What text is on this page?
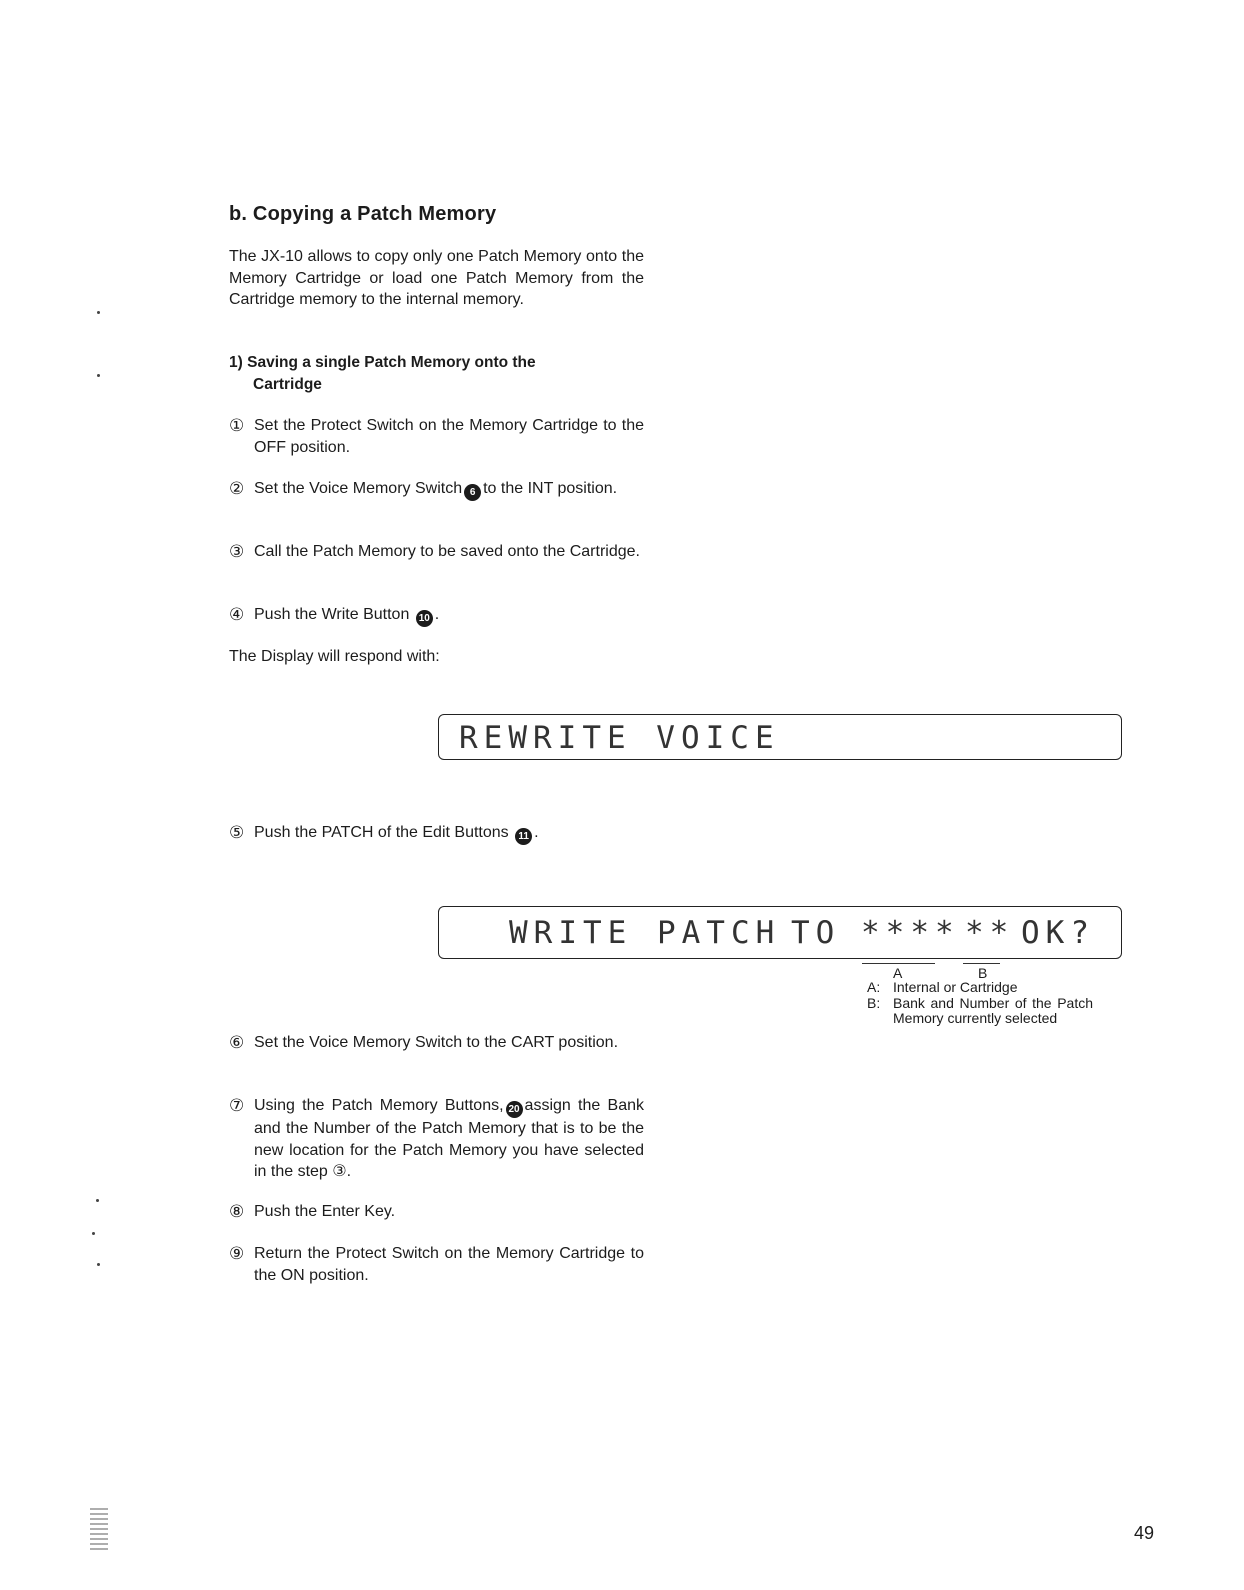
b. Copying a Patch Memory
The JX-10 allows to copy only one Patch Memory onto the Memory Cartridge or load one Patch Memory from the Cartridge memory to the internal memory.
1) Saving a single Patch Memory onto the
Cartridge
① Set the Protect Switch on the Memory Cartridge to the OFF position.
② Set the Voice Memory Switch 6 to the INT position.
③ Call the Patch Memory to be saved onto the Cartridge.
④ Push the Write Button 10 .
The Display will respond with:
REWRITE VOICE
⑤ Push the PATCH of the Edit Buttons 11 .

WRITE PATCH

TO

****

**

OK?

A	B
A: Internal or Cartridge
B: Bank and Number of the Patch Memory currently selected
⑥ Set the Voice Memory Switch to the CART position.
⑦ Using the Patch Memory Buttons, 20 assign the Bank and the Number of the Patch Memory that is to be the new location for the Patch Memory you have selected in the step ③.
⑧ Push the Enter Key.
⑨ Return the Protect Switch on the Memory Cartridge to the ON position.
49
